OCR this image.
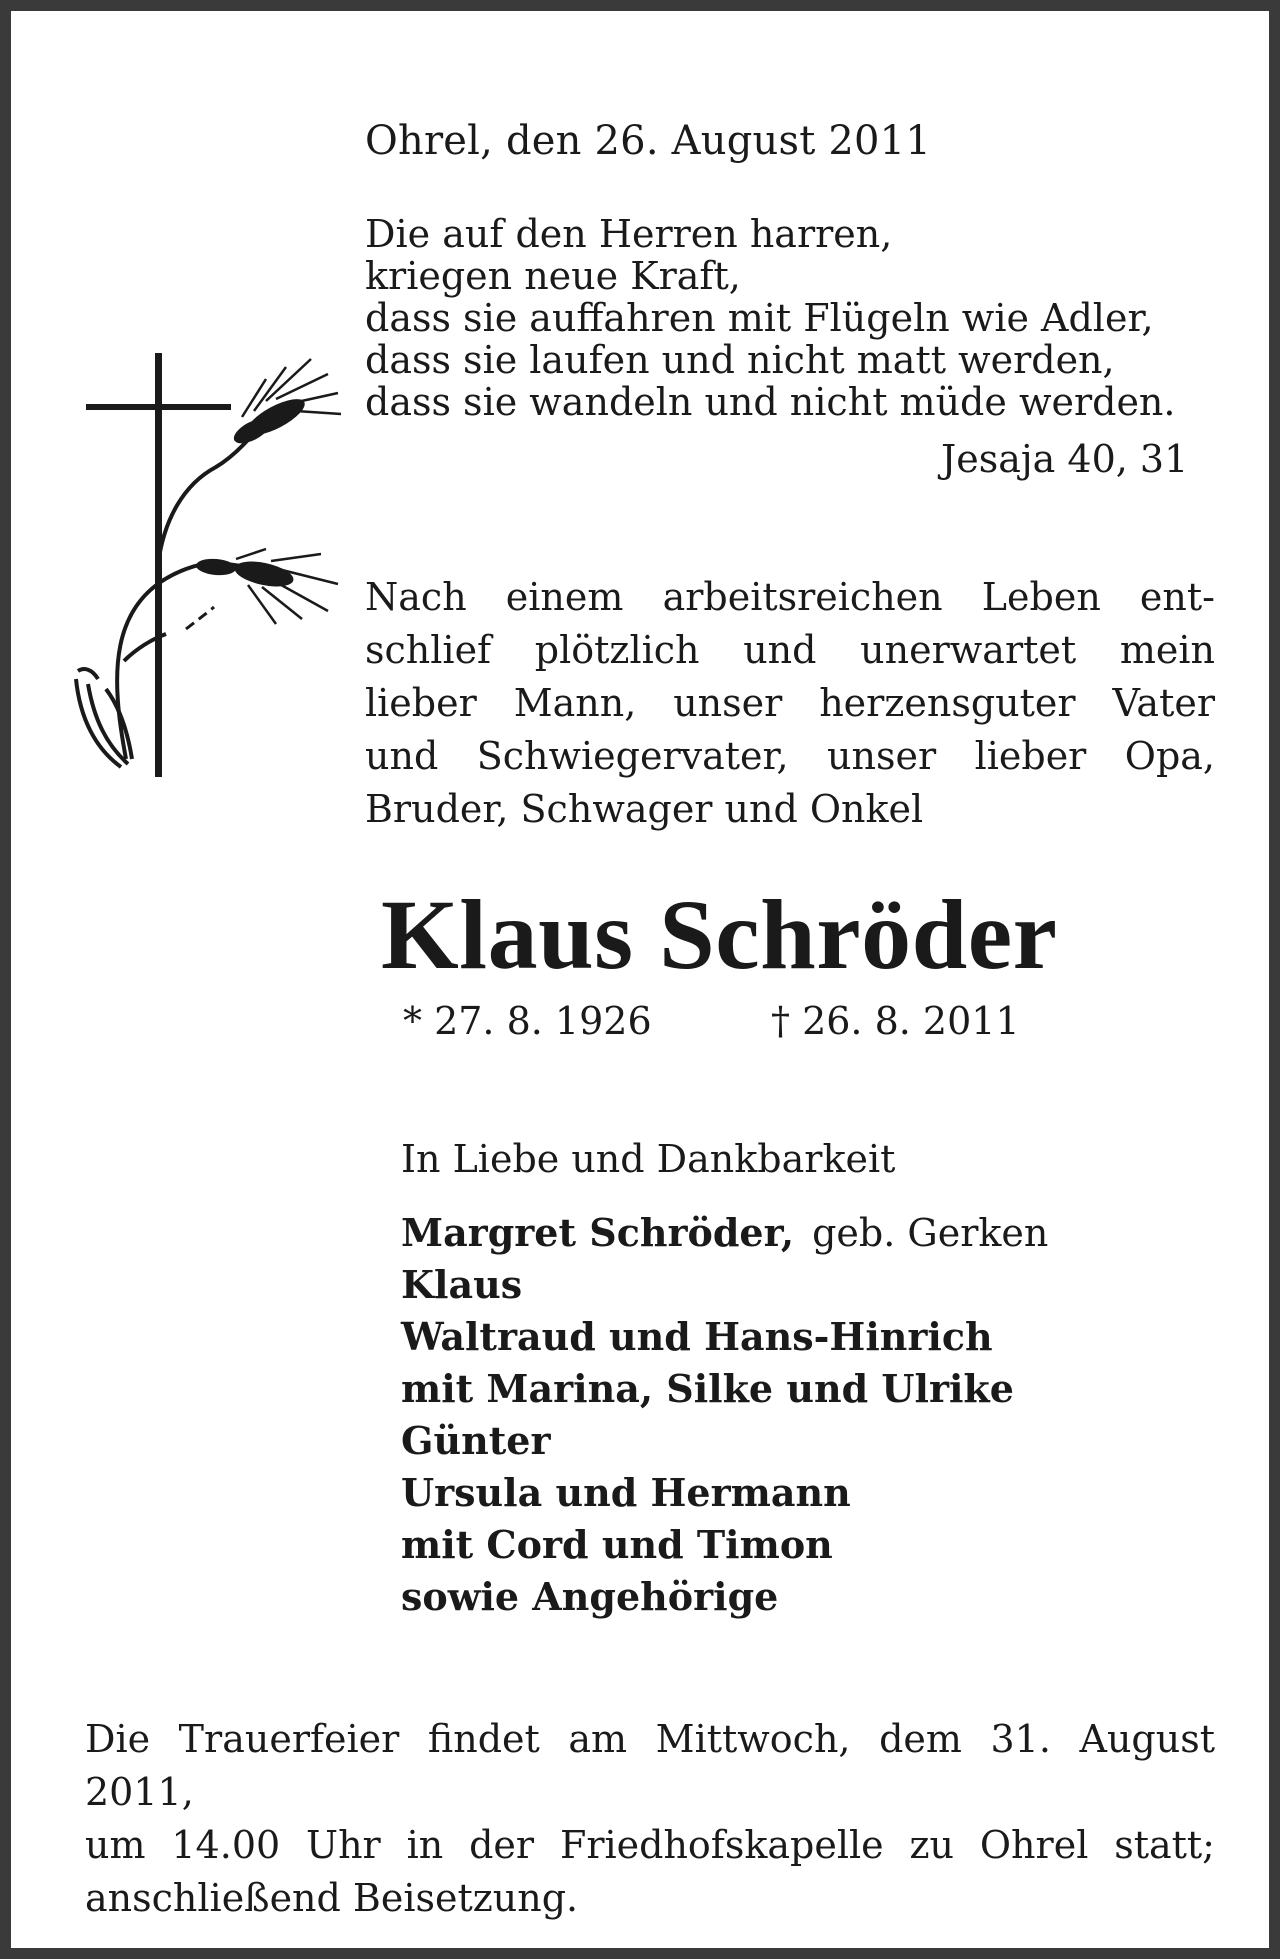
Ohrel, den 26. August 2011

Die auf den Herren harren,
kriegen neue Kraft,
dass sie auffahren mit Flügeln wie Adler,
dass sie laufen und nicht matt werden,
dass sie wandeln und nicht müde werden.

Jesaja 40, 31

Nach einem arbeitsreichen Leben ent-
schlief plötzlich und unerwartet mein
lieber Mann, unser herzensguter Vater
und Schwiegervater, unser lieber Opa,
Bruder, Schwager und Onkel

Klaus Schröder

* 27. 8. 1926	† 26. 8. 2011

In Liebe und Dankbarkeit

Margret Schröder, geb. Gerken
Klaus
Waltraud und Hans-Hinrich
mit Marina, Silke und Ulrike
Günter
Ursula und Hermann
mit Cord und Timon
sowie Angehörige
Die Trauerfeier findet am Mittwoch, dem 31. August 2011,
um 14.00 Uhr in der Friedhofskapelle zu Ohrel statt;
anschließend Beisetzung.
